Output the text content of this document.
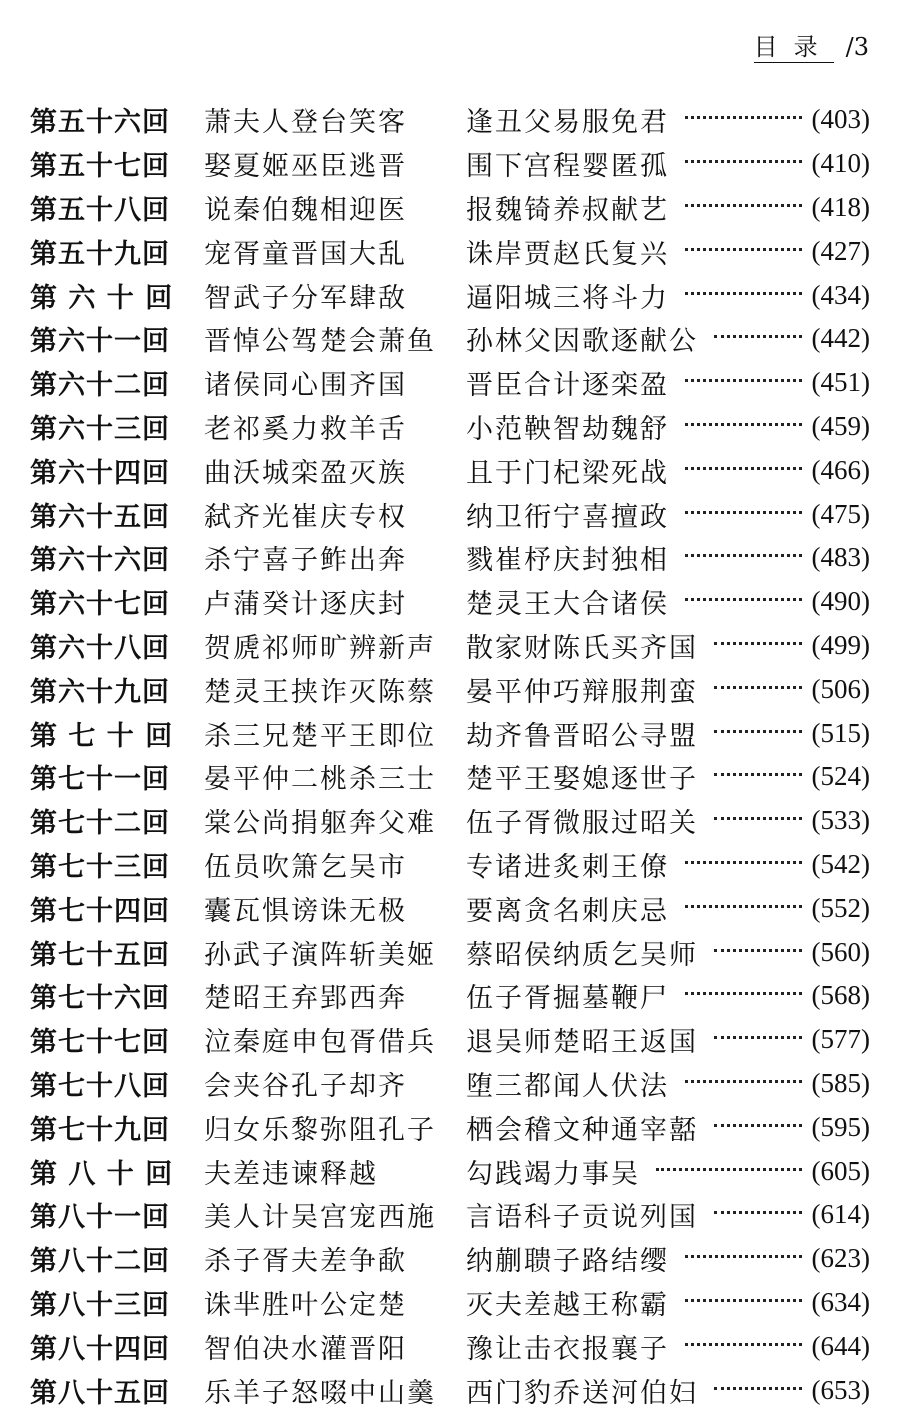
目录 /3
第五十六回	萧夫人登台笑客	逢丑父易服免君	(403)
第五十七回	娶夏姬巫臣逃晋	围下宫程婴匿孤	(410)
第五十八回	说秦伯魏相迎医	报魏锜养叔献艺	(418)
第五十九回	宠胥童晋国大乱	诛岸贾赵氏复兴	(427)
第 六 十 回	智武子分军肆敌	逼阳城三将斗力	(434)
第六十一回	晋悼公驾楚会萧鱼	孙林父因歌逐献公	(442)
第六十二回	诸侯同心围齐国	晋臣合计逐栾盈	(451)
第六十三回	老祁奚力救羊舌	小范鞅智劫魏舒	(459)
第六十四回	曲沃城栾盈灭族	且于门杞梁死战	(466)
第六十五回	弑齐光崔庆专权	纳卫衎宁喜擅政	(475)
第六十六回	杀宁喜子鲊出奔	戮崔杼庆封独相	(483)
第六十七回	卢蒲癸计逐庆封	楚灵王大合诸侯	(490)
第六十八回	贺虒祁师旷辨新声	散家财陈氏买齐国	(499)
第六十九回	楚灵王挟诈灭陈蔡	晏平仲巧辩服荆蛮	(506)
第 七 十 回	杀三兄楚平王即位	劫齐鲁晋昭公寻盟	(515)
第七十一回	晏平仲二桃杀三士	楚平王娶媳逐世子	(524)
第七十二回	棠公尚捐躯奔父难	伍子胥微服过昭关	(533)
第七十三回	伍员吹箫乞吴市	专诸进炙刺王僚	(542)
第七十四回	囊瓦惧谤诛无极	要离贪名刺庆忌	(552)
第七十五回	孙武子演阵斩美姬	蔡昭侯纳质乞吴师	(560)
第七十六回	楚昭王弃郢西奔	伍子胥掘墓鞭尸	(568)
第七十七回	泣秦庭申包胥借兵	退吴师楚昭王返国	(577)
第七十八回	会夹谷孔子却齐	堕三都闻人伏法	(585)
第七十九回	归女乐黎弥阻孔子	栖会稽文种通宰嚭	(595)
第 八 十 回	夫差违谏释越	勾践竭力事吴	(605)
第八十一回	美人计吴宫宠西施	言语科子贡说列国	(614)
第八十二回	杀子胥夫差争歃	纳蒯聩子路结缨	(623)
第八十三回	诛芈胜叶公定楚	灭夫差越王称霸	(634)
第八十四回	智伯决水灌晋阳	豫让击衣报襄子	(644)
第八十五回	乐羊子怒啜中山羹	西门豹乔送河伯妇	(653)
